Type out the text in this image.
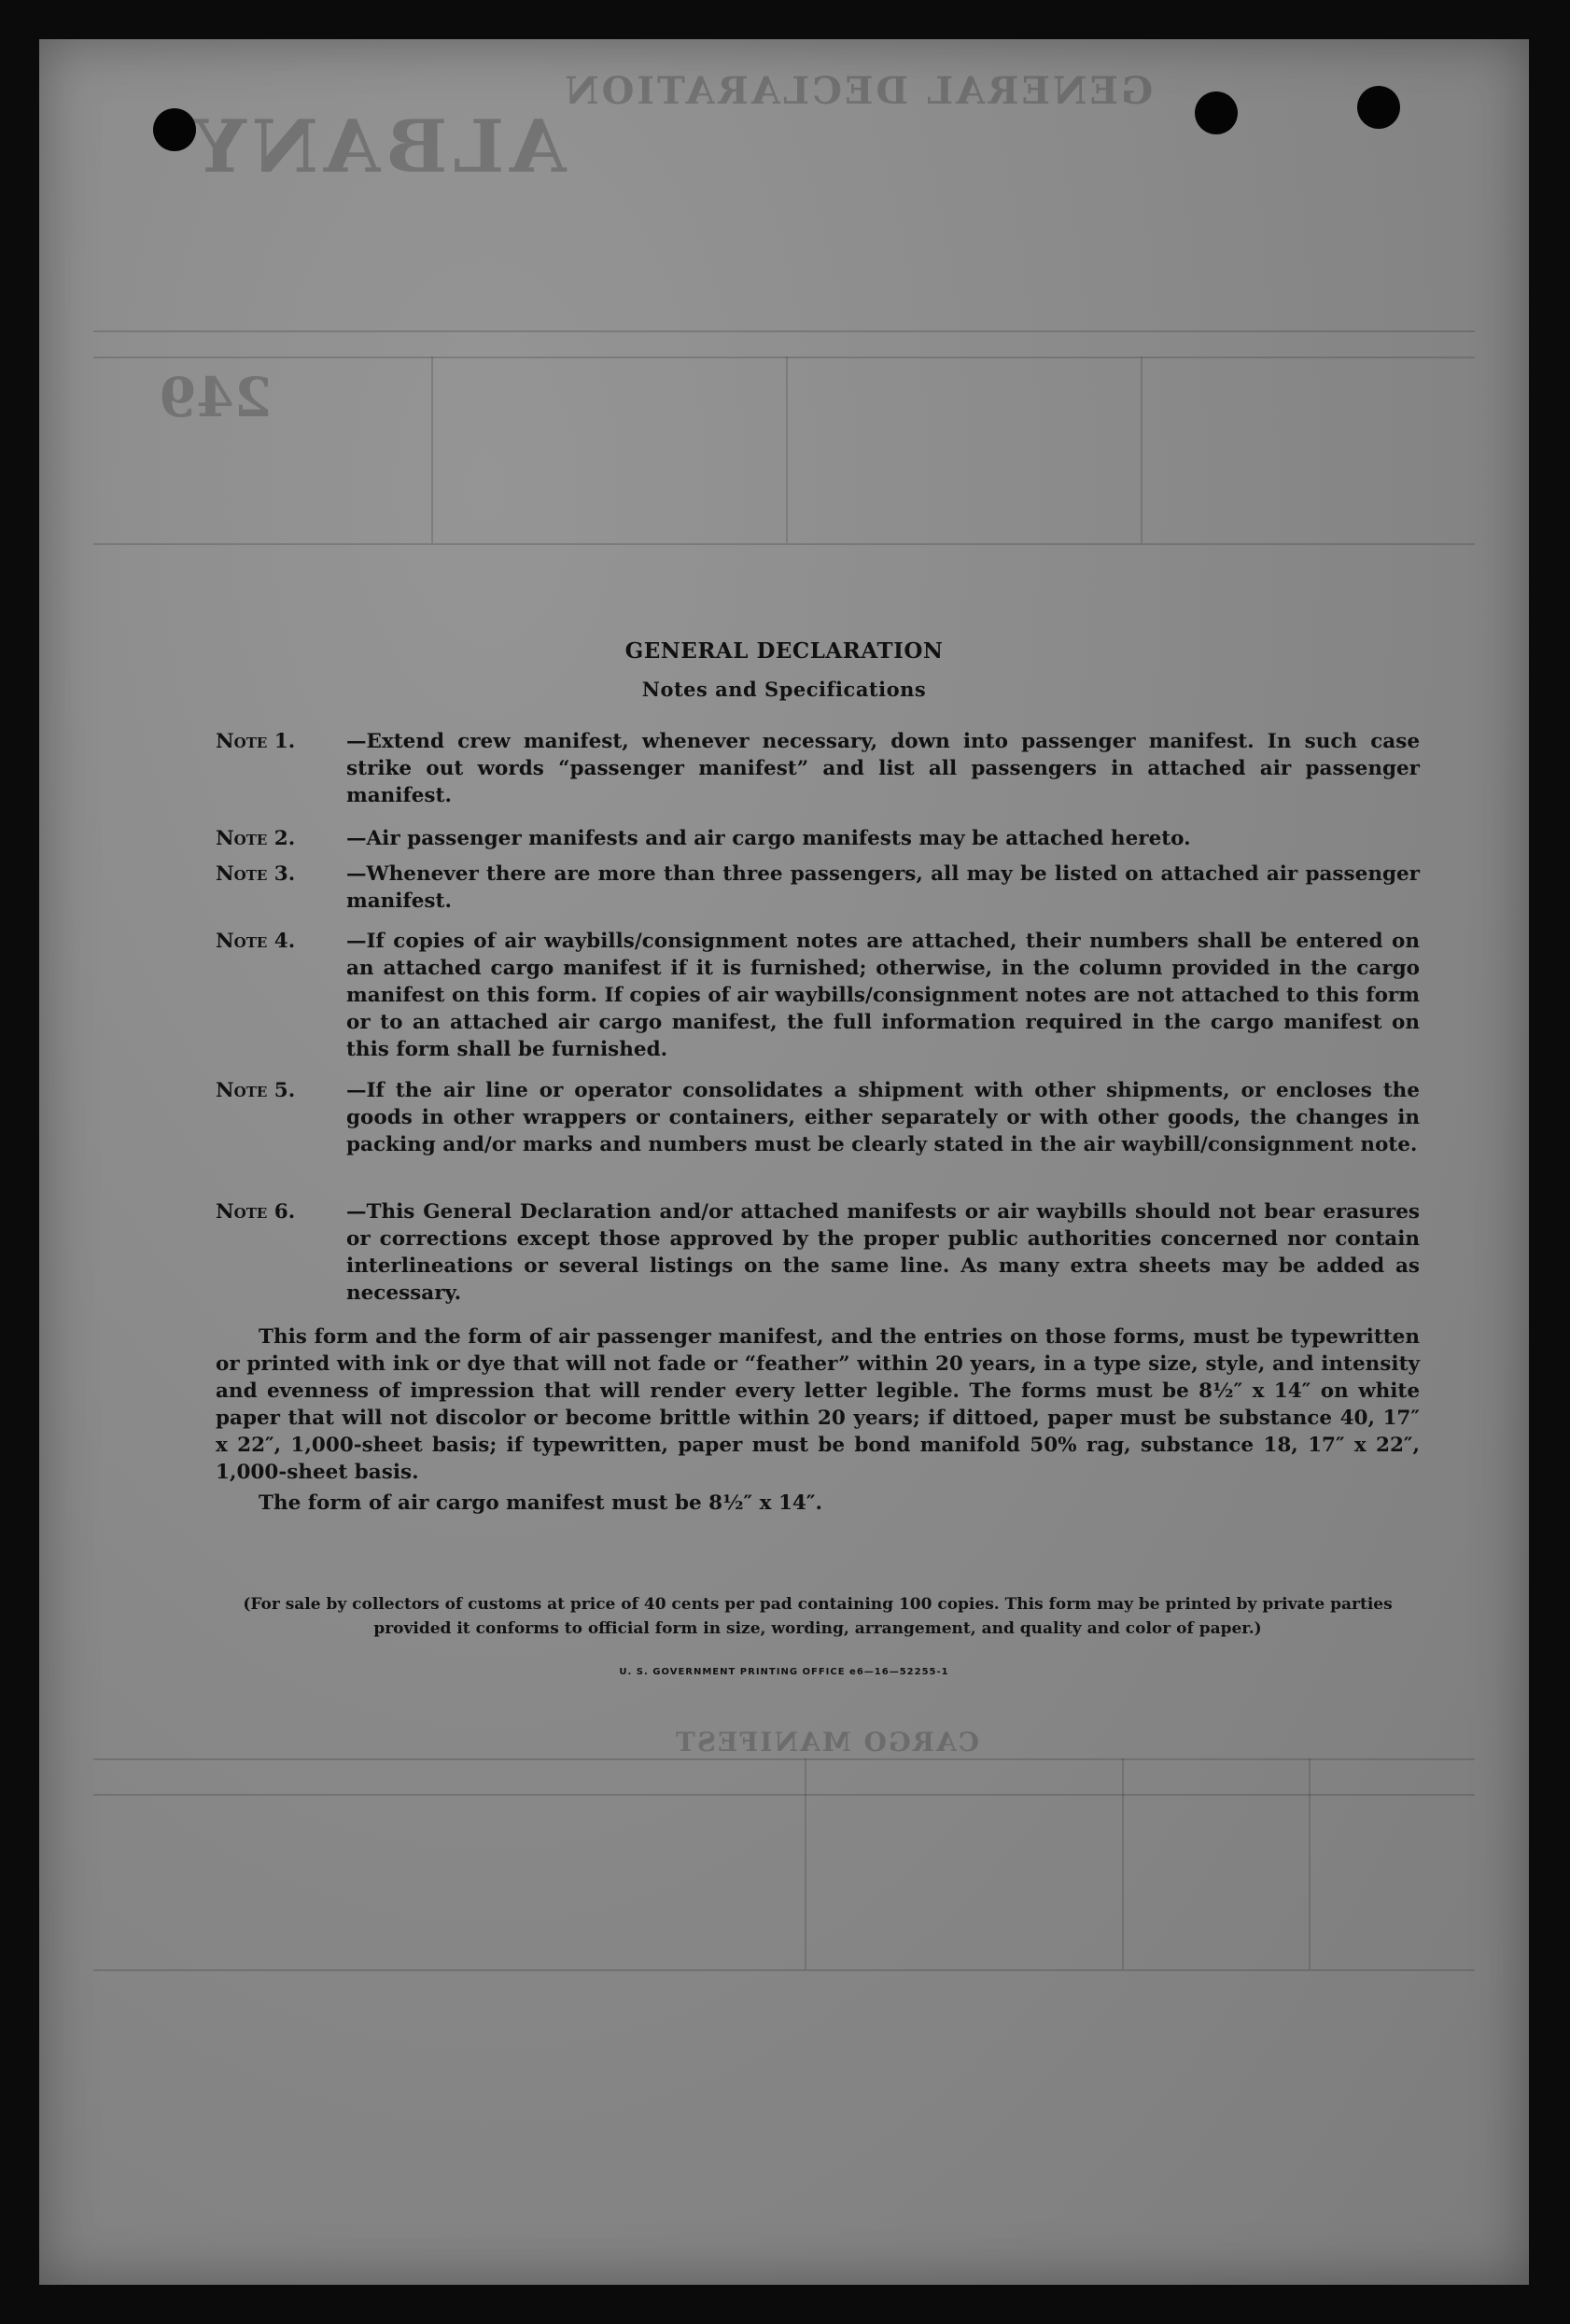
GENERAL DECLARATION
ALBANY
249
CARGO MANIFEST
GENERAL DECLARATION
Notes and Specifications
Note 1.	—Extend crew manifest, whenever necessary, down into passenger manifest. In such case strike out words “passenger manifest” and list all passengers in attached air passenger manifest.
Note 2.	—Air passenger manifests and air cargo manifests may be attached hereto.
Note 3.	—Whenever there are more than three passengers, all may be listed on attached air passenger manifest.
Note 4.	—If copies of air waybills/consignment notes are attached, their numbers shall be entered on an attached cargo manifest if it is furnished; otherwise, in the column provided in the cargo manifest on this form. If copies of air waybills/consignment notes are not attached to this form or to an attached air cargo manifest, the full information required in the cargo manifest on this form shall be furnished.
Note 5.	—If the air line or operator consolidates a shipment with other shipments, or encloses the goods in other wrappers or containers, either separately or with other goods, the changes in packing and/or marks and numbers must be clearly stated in the air waybill/consignment note.
Note 6.	—This General Declaration and/or attached manifests or air waybills should not bear erasures or corrections except those approved by the proper public authorities concerned nor contain interlineations or several listings on the same line. As many extra sheets may be added as necessary.
This form and the form of air passenger manifest, and the entries on those forms, must be typewritten or printed with ink or dye that will not fade or “feather” within 20 years, in a type size, style, and intensity and evenness of impression that will render every letter legible. The forms must be 8½″ x 14″ on white paper that will not discolor or become brittle within 20 years; if dittoed, paper must be substance 40, 17″ x 22″, 1,000-sheet basis; if typewritten, paper must be bond manifold 50% rag, substance 18, 17″ x 22″, 1,000-sheet basis.
The form of air cargo manifest must be 8½″ x 14″.
(For sale by collectors of customs at price of 40 cents per pad containing 100 copies. This form may be printed by private parties provided it conforms to official form in size, wording, arrangement, and quality and color of paper.)
U. S. GOVERNMENT PRINTING OFFICE e6—16—52255-1
